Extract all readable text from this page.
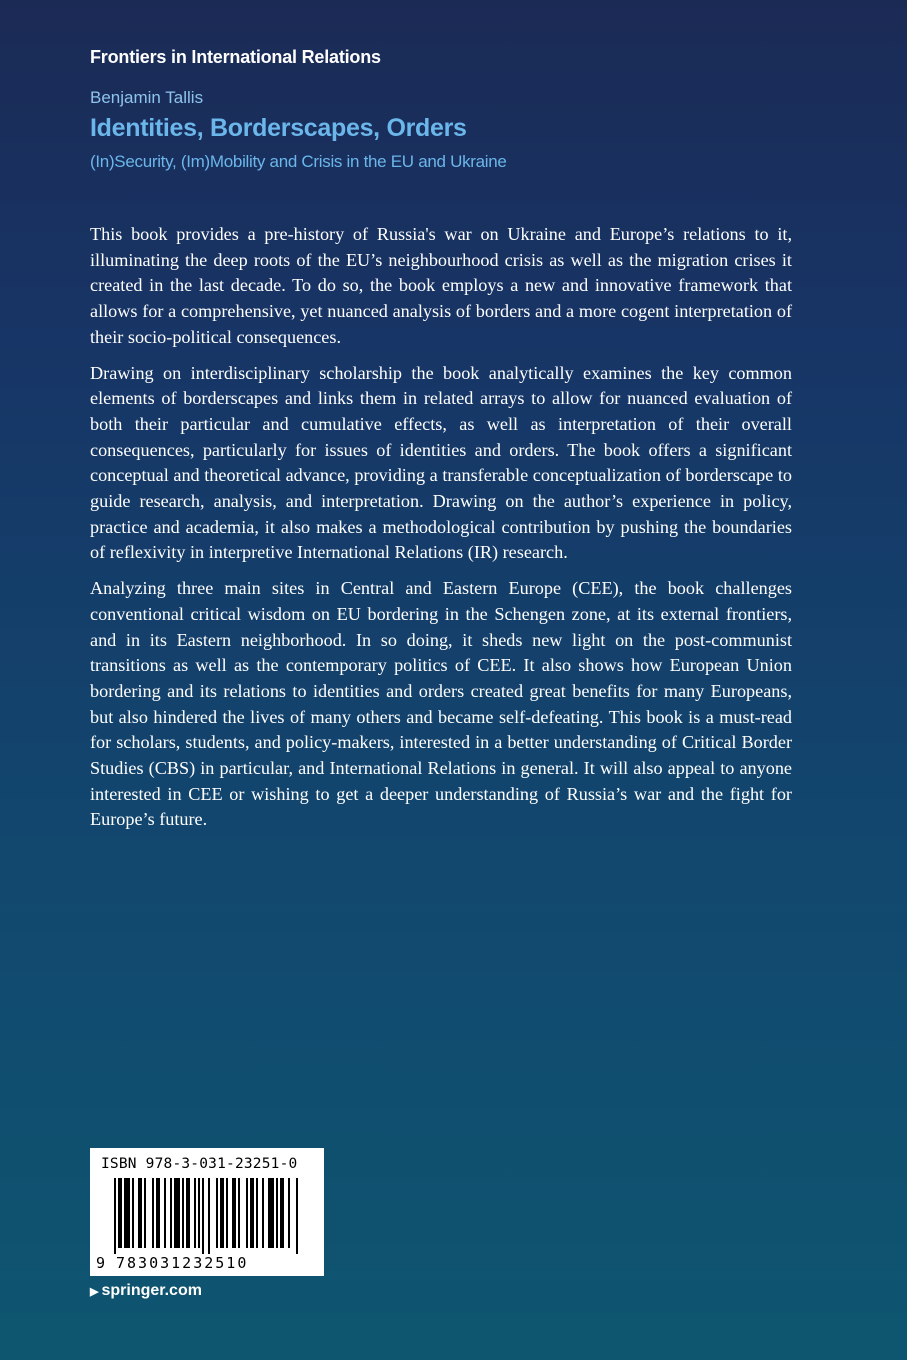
Frontiers in International Relations
Benjamin Tallis
Identities, Borderscapes, Orders
(In)Security, (Im)Mobility and Crisis in the EU and Ukraine

This book provides a pre-history of Russia's war on Ukraine and Europe’s relations to it, illuminating the deep roots of the EU’s neighbourhood crisis as well as the migration crises it created in the last decade. To do so, the book employs a new and innovative framework that allows for a comprehensive, yet nuanced analysis of borders and a more cogent interpretation of their socio-political consequences.

Drawing on interdisciplinary scholarship the book analytically examines the key common elements of borderscapes and links them in related arrays to allow for nuanced evaluation of both their particular and cumulative effects, as well as interpretation of their overall consequences, particularly for issues of identities and orders. The book offers a significant conceptual and theoretical advance, providing a transferable conceptualization of borderscape to guide research, analysis, and interpretation. Drawing on the author’s experience in policy, practice and academia, it also makes a methodological contribution by pushing the boundaries of reflexivity in interpretive International Relations (IR) research.

Analyzing three main sites in Central and Eastern Europe (CEE), the book challenges conventional critical wisdom on EU bordering in the Schengen zone, at its external frontiers, and in its Eastern neighborhood. In so doing, it sheds new light on the post-communist transitions as well as the contemporary politics of CEE. It also shows how European Union bordering and its relations to identities and orders created great benefits for many Europeans, but also hindered the lives of many others and became self-defeating. This book is a must-read for scholars, students, and policy-makers, interested in a better understanding of Critical Border Studies (CBS) in particular, and International Relations in general. It will also appeal to anyone interested in CEE or wishing to get a deeper understanding of Russia’s war and the fight for Europe’s future.

ISBN 978-3-031-23251-0
9 783031232510
▶ springer.com
